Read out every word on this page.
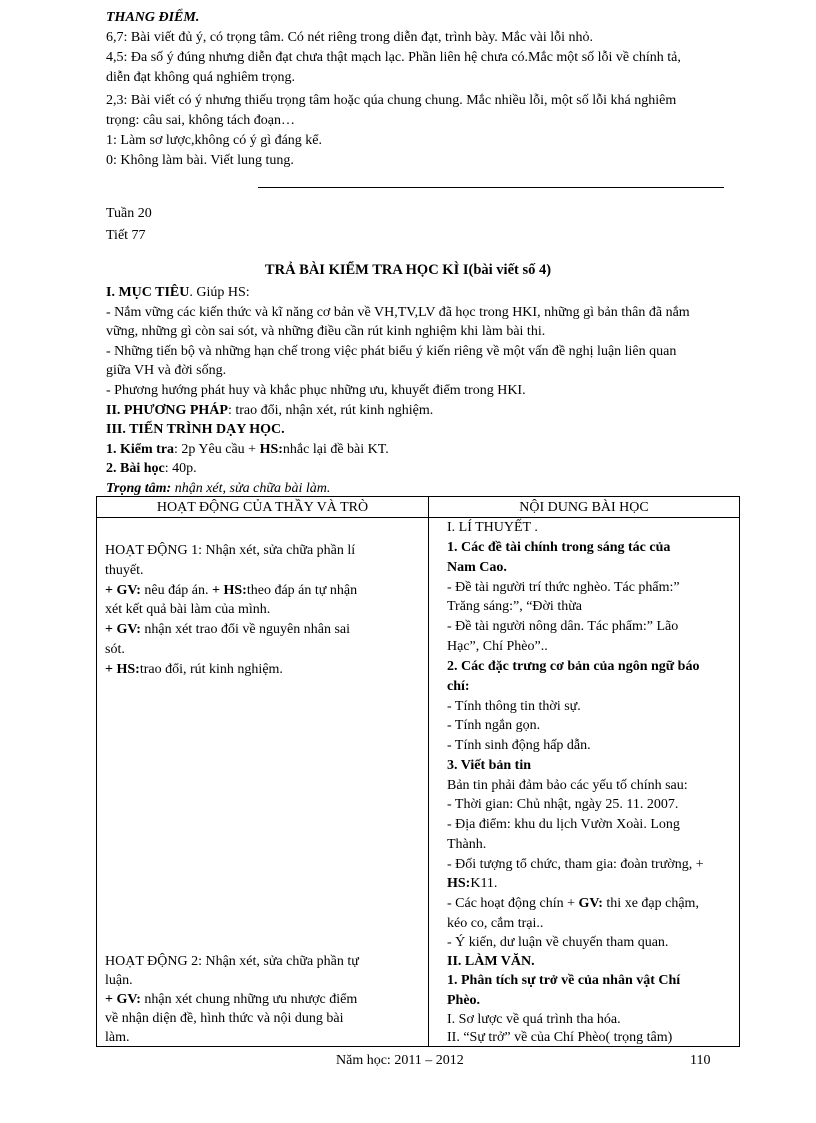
THANG ĐIỂM.
6,7: Bài viết đủ ý, có trọng tâm. Có nét riêng trong diễn đạt, trình bày. Mắc vài lỗi nhỏ.
4,5: Đa số ý đúng nhưng diễn đạt chưa thật mạch lạc. Phần liên hệ chưa có.Mắc một số lỗi về chính tả,
diễn đạt không quá nghiêm trọng.
2,3: Bài viết có ý nhưng thiếu trọng tâm hoặc qúa chung chung. Mắc nhiều lỗi, một số lỗi khá nghiêm
trọng: câu sai, không tách đoạn…
1: Làm sơ lược,không có ý gì đáng kể.
0: Không làm bài. Viết lung tung.
Tuần 20
Tiết 77
TRẢ BÀI KIỂM TRA HỌC KÌ I(bài viết số 4)
I. MỤC TIÊU. Giúp HS:
- Nắm vững các kiến thức và kĩ năng cơ bản về VH,TV,LV đã học trong HKI, những gì bản thân đã nắm
vững, những gì còn sai sót, và những điều cần rút kinh nghiệm khi làm bài thi.
- Những tiến bộ và những hạn chế trong việc phát biểu ý kiến riêng về một vấn đề nghị luận liên quan
giữa VH và đời sống.
- Phương hướng phát huy và khắc phục những ưu, khuyết điểm trong HKI.
II. PHƯƠNG PHÁP: trao đổi, nhận xét, rút kinh nghiệm.
III. TIẾN TRÌNH DẠY HỌC.
1. Kiểm tra: 2p Yêu cầu + HS:nhắc lại đề bài KT.
2. Bài học: 40p.
Trọng tâm: nhận xét, sửa chữa bài làm.
HOẠT ĐỘNG CỦA THẦY VÀ TRÒ	NỘI DUNG BÀI HỌC
HOẠT ĐỘNG 1: Nhận xét, sửa chữa phần lí
thuyết.
+ GV: nêu đáp án. + HS:theo đáp án tự nhận
xét kết quả bài làm của mình.
+ GV: nhận xét trao đổi về nguyên nhân sai
sót.
+ HS:trao đổi, rút kinh nghiệm.
HOẠT ĐỘNG 2: Nhận xét, sửa chữa phần tự
luận.
+ GV: nhận xét chung những ưu nhược điểm
về nhận diện đề, hình thức và nội dung bài
làm.
I. LÍ THUYẾT .
1. Các đề tài chính trong sáng tác của
Nam Cao.
- Đề tài người trí thức nghèo. Tác phẩm:”
Trăng sáng:”, “Đời thừa
- Đề tài người nông dân. Tác phẩm:” Lão
Hạc”, Chí Phèo”..
2. Các đặc trưng cơ bản của ngôn ngữ báo
chí:
- Tính thông tin thời sự.
- Tính ngắn gọn.
- Tính sinh động hấp dẫn.
3. Viết bản tin
Bản tin phải đảm bảo các yếu tố chính sau:
- Thời gian: Chủ nhật, ngày 25. 11. 2007.
- Địa điểm: khu du lịch Vườn Xoài. Long
Thành.
- Đối tượng tổ chức, tham gia: đoàn trường, +
HS:K11.
- Các hoạt động chín + GV: thi xe đạp chậm,
kéo co, cắm trại..
- Ý kiến, dư luận về chuyến tham quan.
II. LÀM VĂN.
1. Phân tích sự trở về của nhân vật Chí
Phèo.
I. Sơ lược về quá trình tha hóa.
II. “Sự trở” về của Chí Phèo( trọng tâm)
Năm học: 2011 – 2012	110
